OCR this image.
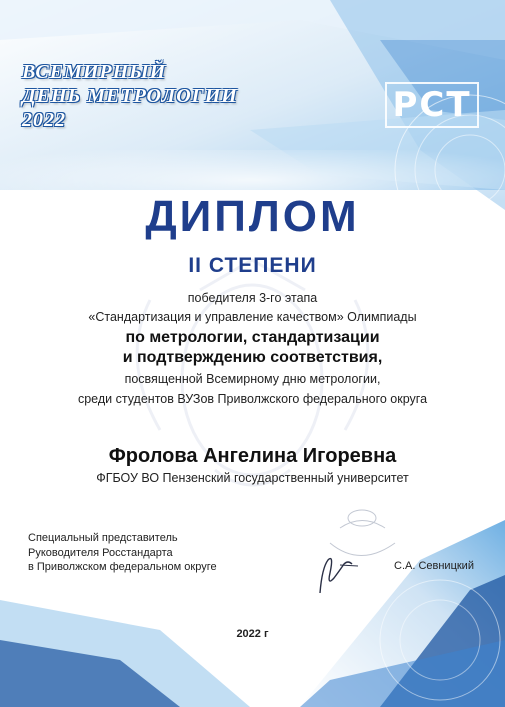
ВСЕМИРНЫЙ
ДЕНЬ МЕТРОЛОГИИ
2022	РСТ
ДИПЛОМ
II СТЕПЕНИ
победителя 3-го этапа
«Стандартизация и управление качеством» Олимпиады
по метрологии, стандартизации
и подтверждению соответствия,
посвященной Всемирному дню метрологии,
среди студентов ВУЗов Приволжского федерального округа
Фролова Ангелина Игоревна
ФГБОУ ВО Пензенский государственный университет
Специальный представитель
Руководителя Росстандарта
в Приволжском федеральном округе	С.А. Севницкий
2022 г
